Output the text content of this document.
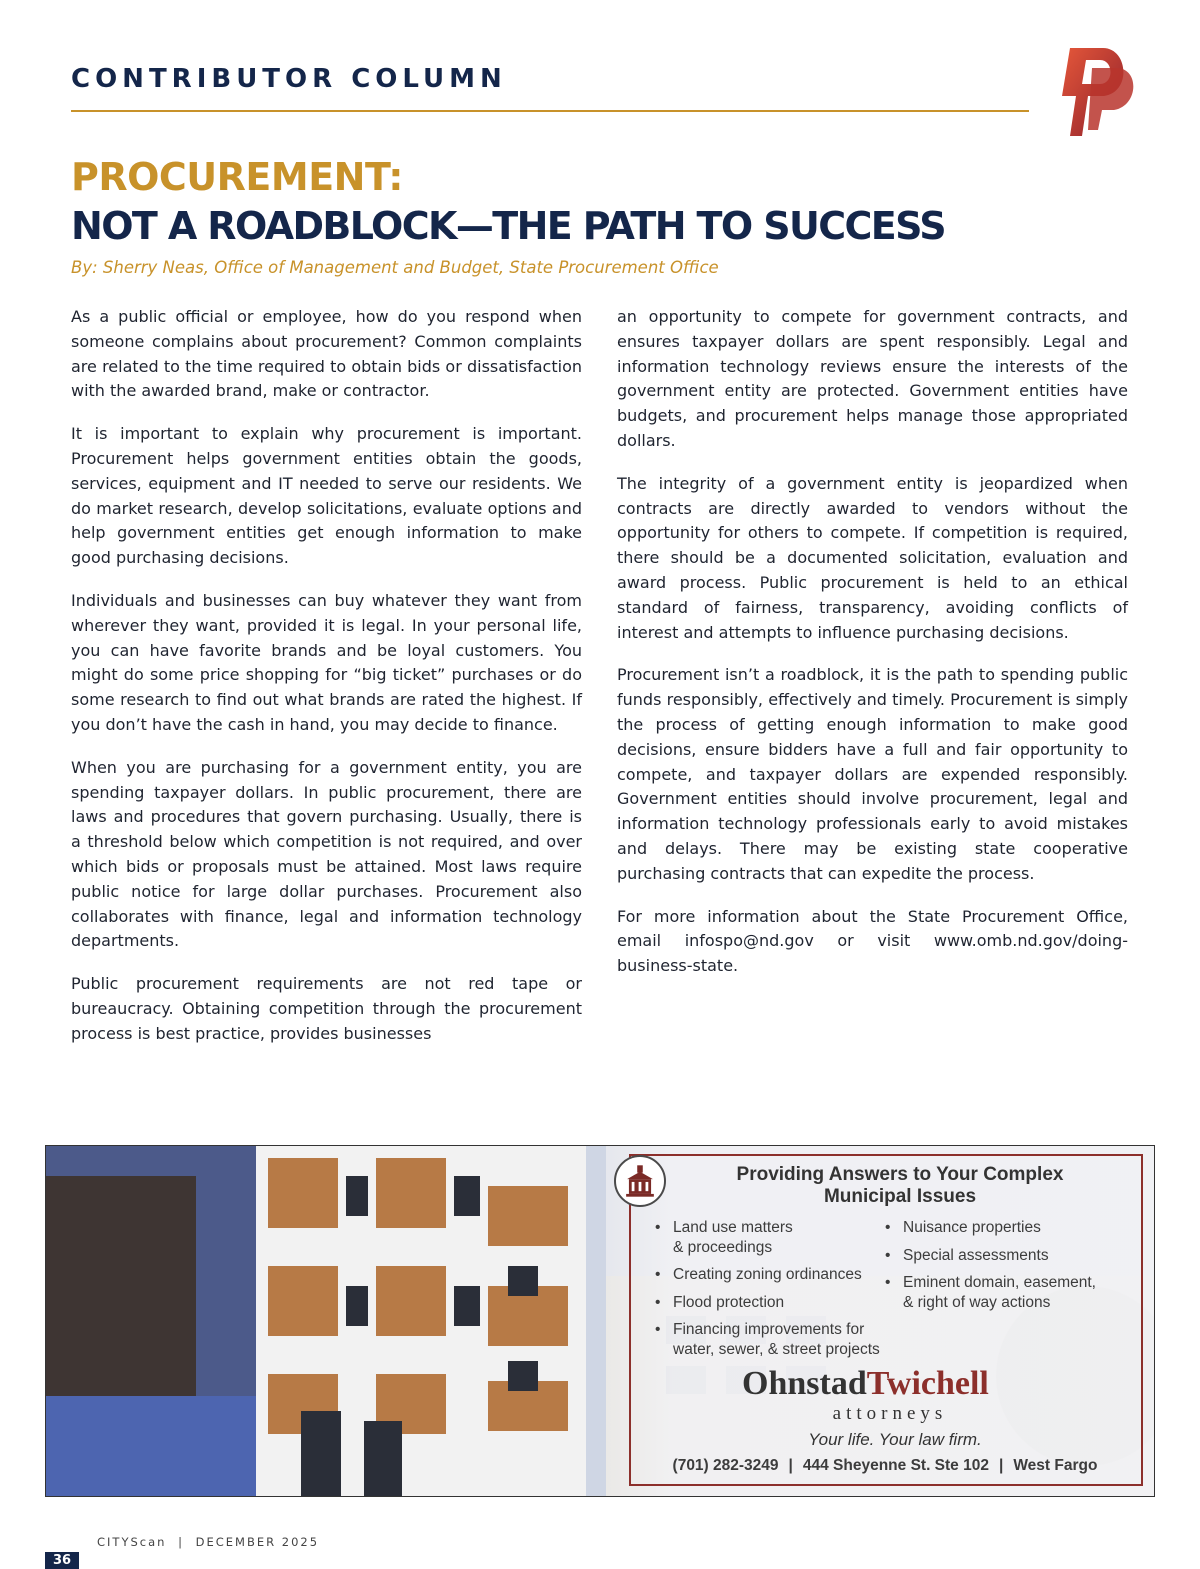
CONTRIBUTOR COLUMN
PROCUREMENT:
NOT A ROADBLOCK—THE PATH TO SUCCESS
By: Sherry Neas, Office of Management and Budget, State Procurement Office

As a public official or employee, how do you respond when someone complains about procurement? Common complaints are related to the time required to obtain bids or dissatisfaction with the awarded brand, make or contractor.

It is important to explain why procurement is important. Procurement helps government entities obtain the goods, services, equipment and IT needed to serve our residents. We do market research, develop solicitations, evaluate options and help government entities get enough information to make good purchasing decisions.

Individuals and businesses can buy whatever they want from wherever they want, provided it is legal. In your personal life, you can have favorite brands and be loyal customers. You might do some price shopping for “big ticket” purchases or do some research to find out what brands are rated the highest. If you don’t have the cash in hand, you may decide to finance.

When you are purchasing for a government entity, you are spending taxpayer dollars. In public procurement, there are laws and procedures that govern purchasing. Usually, there is a threshold below which competition is not required, and over which bids or proposals must be attained. Most laws require public notice for large dollar purchases. Procurement also collaborates with finance, legal and information technology departments.

Public procurement requirements are not red tape or bureaucracy. Obtaining competition through the procurement process is best practice, provides businesses

an opportunity to compete for government contracts, and ensures taxpayer dollars are spent responsibly. Legal and information technology reviews ensure the interests of the government entity are protected. Government entities have budgets, and procurement helps manage those appropriated dollars.

The integrity of a government entity is jeopardized when contracts are directly awarded to vendors without the opportunity for others to compete. If competition is required, there should be a documented solicitation, evaluation and award process. Public procurement is held to an ethical standard of fairness, transparency, avoiding conflicts of interest and attempts to influence purchasing decisions.

Procurement isn’t a roadblock, it is the path to spending public funds responsibly, effectively and timely. Procurement is simply the process of getting enough information to make good decisions, ensure bidders have a full and fair opportunity to compete, and taxpayer dollars are expended responsibly. Government entities should involve procurement, legal and information technology professionals early to avoid mistakes and delays. There may be existing state cooperative purchasing contracts that can expedite the process.

For more information about the State Procurement Office, email infospo@nd.gov or visit www.omb.nd.gov/doing-business-state.

Providing Answers to Your Complex
Municipal Issues
• Land use matters
& proceedings
• Creating zoning ordinances
• Flood protection
• Financing improvements for
water, sewer, & street projects
• Nuisance properties
• Special assessments
• Eminent domain, easement,
& right of way actions
OhnstadTwichell
attorneys
Your life. Your law firm.
(701) 282-3249 | 444 Sheyenne St. Ste 102 | West Fargo
36
CITYScan | DECEMBER 2025
